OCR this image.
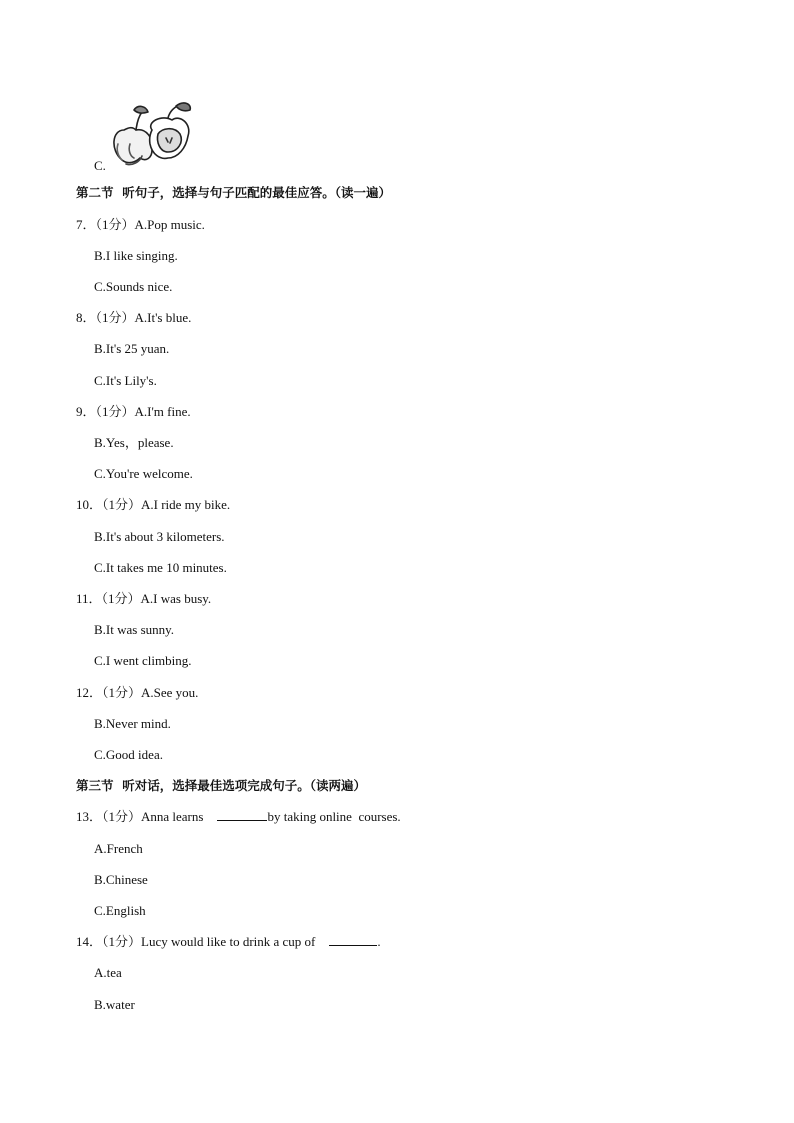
C.
第二节  听句子，选择与句子匹配的最佳应答。（读一遍）
7．（1分）A.Pop music.
B.I like singing.
C.Sounds nice.
8．（1分）A.It's blue.
B.It's 25 yuan.
C.It's Lily's.
9．（1分）A.I'm fine.
B.Yes，please.
C.You're welcome.
10．（1分）A.I ride my bike.
B.It's about 3 kilometers.
C.It takes me 10 minutes.
11．（1分）A.I was busy.
B.It was sunny.
C.I went climbing.
12．（1分）A.See you.
B.Never mind.
C.Good idea.
第三节  听对话，选择最佳选项完成句子。（读两遍）
13．（1分）Anna learns	by taking online  courses.
A.French
B.Chinese
C.English
14．（1分）Lucy would like to drink a cup of	.
A.tea
B.water
